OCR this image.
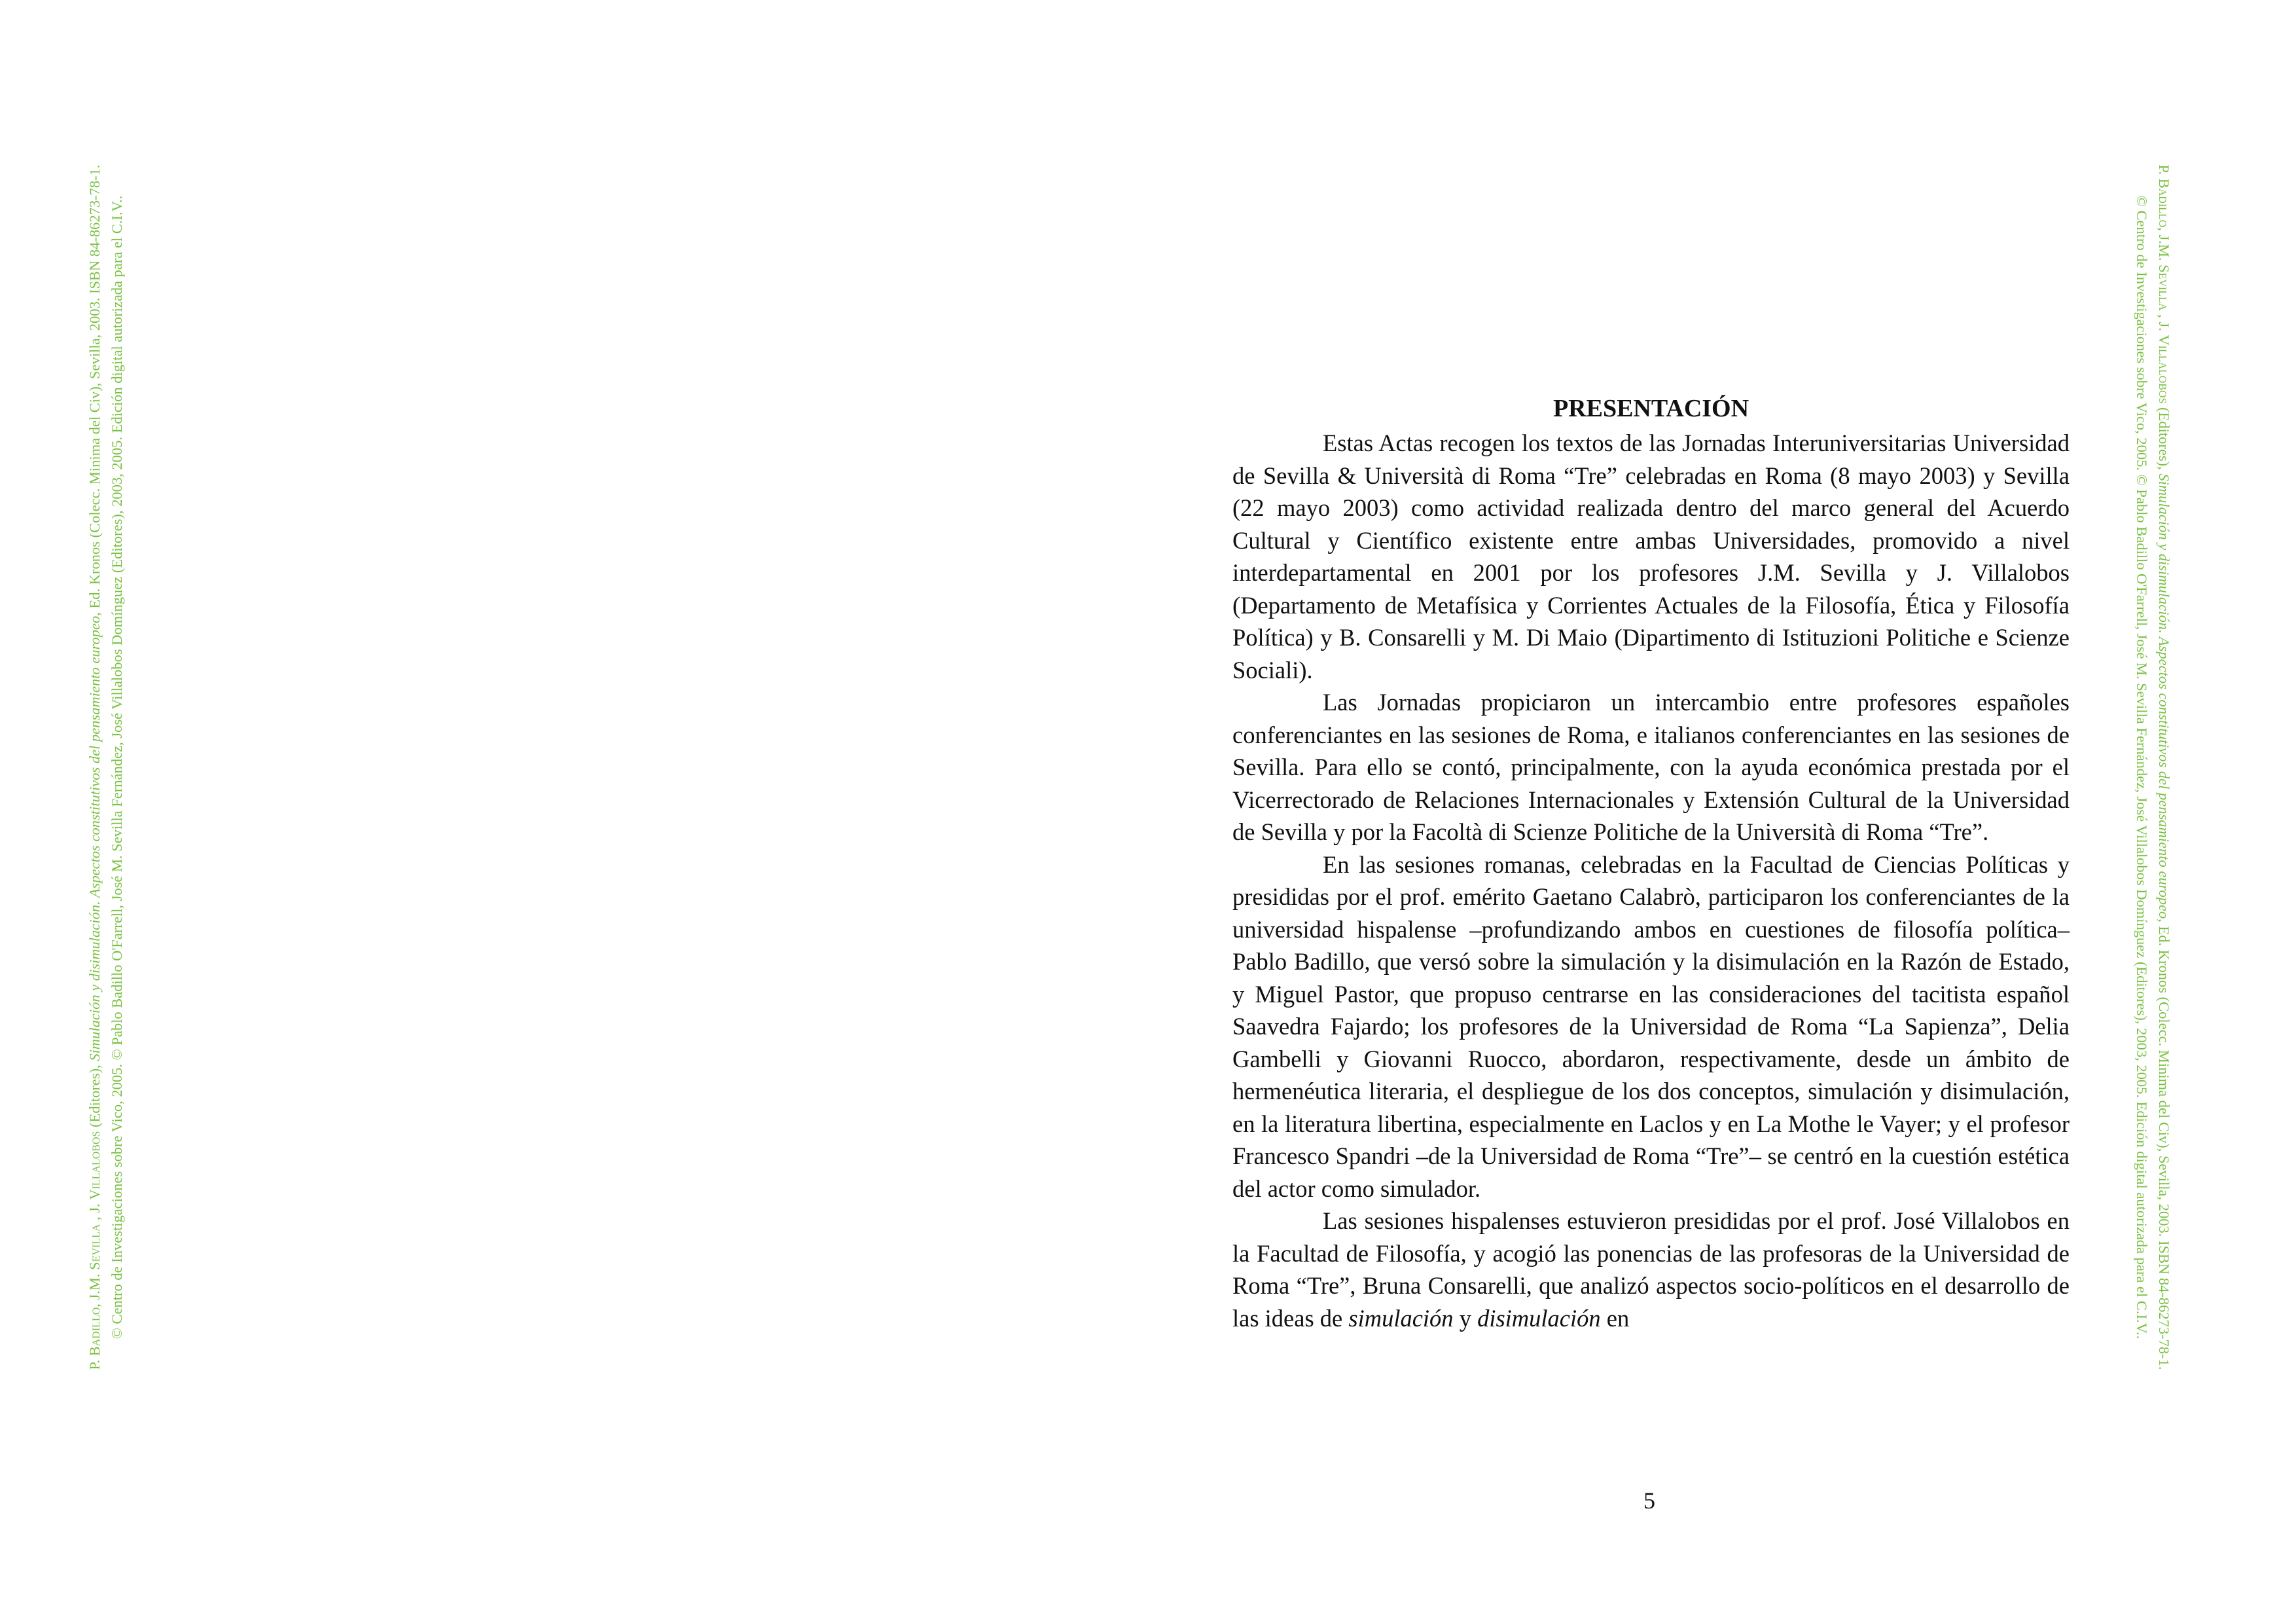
P. Badillo, J.M. Sevilla , J. Villalobos (Editores), Simulación y disimulación. Aspectos constitutivos del pensamiento europeo, Ed. Kronos (Colecc. Minima del Civ), Sevilla, 2003. ISBN 84-86273-78-1. © Centro de Investigaciones sobre Vico, 2005. © Pablo Badillo O'Farrell, José M. Sevilla Fernández, José Villalobos Domínguez (Editores), 2003, 2005. Edición digital autorizada para el C.I.V..
P. Badillo, J.M. Sevilla , J. Villalobos (Editores), Simulación y disimulación. Aspectos constitutivos del pensamiento europeo, Ed. Kronos (Colecc. Minima del Civ), Sevilla, 2003. ISBN 84-86273-78-1.
© Centro de Investigaciones sobre Vico, 2005. © Pablo Badillo O'Farrell, José M. Sevilla Fernández, José Villalobos Domínguez (Editores), 2003, 2005. Edición digital autorizada para el C.I.V..
PRESENTACIÓN

Estas Actas recogen los textos de las Jornadas Interuniversitarias Universidad de Sevilla & Università di Roma “Tre” celebradas en Roma (8 mayo 2003) y Sevilla (22 mayo 2003) como actividad realizada dentro del marco general del Acuerdo Cultural y Científico existente entre ambas Universidades, promovido a nivel interdepartamental en 2001 por los profesores J.M. Sevilla y J. Villalobos (Departamento de Metafísica y Corrientes Actuales de la Filosofía, Ética y Filosofía Política) y B. Consarelli y M. Di Maio (Dipartimento di Istituzioni Politiche e Scienze Sociali).

Las Jornadas propiciaron un intercambio entre profesores españoles conferenciantes en las sesiones de Roma, e italianos conferenciantes en las sesiones de Sevilla. Para ello se contó, principalmente, con la ayuda económica prestada por el Vicerrectorado de Relaciones Internacionales y Extensión Cultural de la Universidad de Sevilla y por la Facoltà di Scienze Politiche de la Università di Roma “Tre”.

En las sesiones romanas, celebradas en la Facultad de Ciencias Políticas y presididas por el prof. emérito Gaetano Calabrò, participaron los conferenciantes de la universidad hispalense –profundizando ambos en cuestiones de filosofía política– Pablo Badillo, que versó sobre la simulación y la disimulación en la Razón de Estado, y Miguel Pastor, que propuso centrarse en las consideraciones del tacitista español Saavedra Fajardo; los profesores de la Universidad de Roma “La Sapienza”, Delia Gambelli y Giovanni Ruocco, abordaron, respectivamente, desde un ámbito de hermenéutica literaria, el despliegue de los dos conceptos, simulación y disimulación, en la literatura libertina, especialmente en Laclos y en La Mothe le Vayer; y el profesor Francesco Spandri –de la Universidad de Roma “Tre”– se centró en la cuestión estética del actor como simulador.

Las sesiones hispalenses estuvieron presididas por el prof. José Villalobos en la Facultad de Filosofía, y acogió las ponencias de las profesoras de la Universidad de Roma “Tre”, Bruna Consarelli, que analizó aspectos socio-políticos en el desarrollo de las ideas de simulación y disimulación en

5
